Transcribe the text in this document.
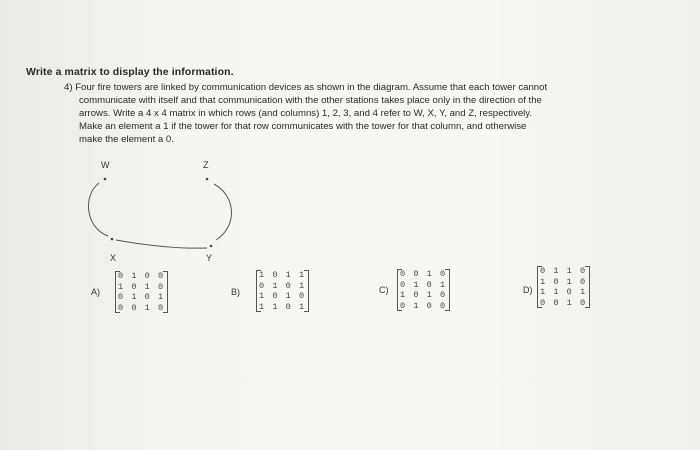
Write a matrix to display the information.
4) Four fire towers are linked by communication devices as shown in the diagram. Assume that each tower cannot
communicate with itself and that communication with the other stations takes place only in the direction of the
arrows. Write a 4 x 4 matrix in which rows (and columns) 1, 2, 3, and 4 refer to W, X, Y, and Z, respectively.
Make an element a 1 if the tower for that row communicates with the tower for that column, and otherwise
make the element a 0.
W	Z
X	Y
A)
0 1 0 0
1 0 1 0
0 1 0 1
0 0 1 0
B)
1 0 1 1
0 1 0 1
1 0 1 0
1 1 0 1
C)
0 0 1 0
0 1 0 1
1 0 1 0
0 1 0 0
D)
0 1 1 0
1 0 1 0
1 1 0 1
0 0 1 0
